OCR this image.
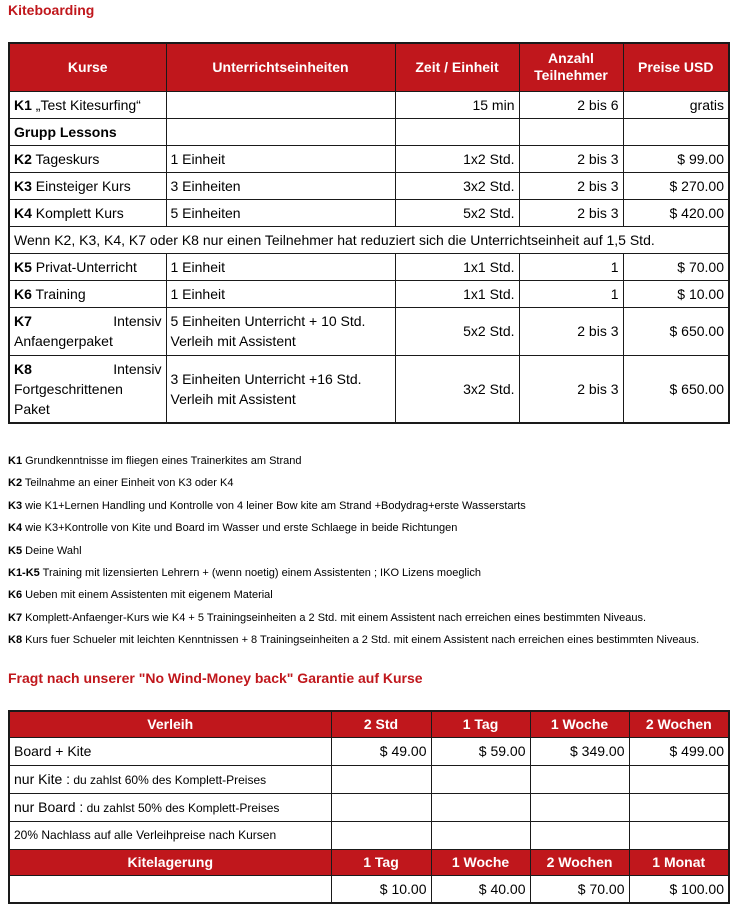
Kiteboarding
Kurse	Unterrichtseinheiten	Zeit / Einheit	Anzahl Teilnehmer	Preise USD
K1 „Test Kitesurfing“		15 min	2 bis 6	gratis
Grupp Lessons				
K2 Tageskurs	1 Einheit	1x2 Std.	2 bis 3	$ 99.00
K3 Einsteiger Kurs	3 Einheiten	3x2 Std.	2 bis 3	$ 270.00
K4 Komplett Kurs	5 Einheiten	5x2 Std.	2 bis 3	$ 420.00
Wenn K2, K3, K4, K7 oder K8 nur einen Teilnehmer hat reduziert sich die Unterrichtseinheit auf 1,5 Std.				
K5 Privat-Unterricht	1 Einheit	1x1 Std.	1	$ 70.00
K6 Training	1 Einheit	1x1 Std.	1	$ 10.00

K7 Intensiv
Anfaengerpaket	5 Einheiten Unterricht + 10 Std. Verleih mit Assistent	5x2 Std.	2 bis 3	$ 650.00

K8 Intensiv
Fortgeschrittenen
Paket	3 Einheiten Unterricht +16 Std. Verleih mit Assistent	3x2 Std.	2 bis 3	$ 650.00
K1 Grundkenntnisse im fliegen eines Trainerkites am Strand
K2 Teilnahme an einer Einheit von K3 oder K4
K3 wie K1+Lernen Handling und Kontrolle von 4 leiner Bow kite am Strand +Bodydrag+erste Wasserstarts
K4 wie K3+Kontrolle von Kite und Board im Wasser und erste Schlaege in beide Richtungen
K5 Deine Wahl
K1-K5 Training mit lizensierten Lehrern + (wenn noetig) einem Assistenten ; IKO Lizens moeglich
K6 Ueben mit einem Assistenten mit eigenem Material
K7 Komplett-Anfaenger-Kurs wie K4 + 5 Trainingseinheiten a 2 Std. mit einem Assistent nach erreichen eines bestimmten Niveaus.
K8 Kurs fuer Schueler mit leichten Kenntnissen + 8 Trainingseinheiten a 2 Std. mit einem Assistent nach erreichen eines bestimmten Niveaus.
Fragt nach unserer "No Wind-Money back" Garantie auf Kurse
Verleih	2 Std	1 Tag	1 Woche	2 Wochen
Board + Kite	$ 49.00	$ 59.00	$ 349.00	$ 499.00
nur Kite : du zahlst 60% des Komplett-Preises				
nur Board : du zahlst 50% des Komplett-Preises				
20% Nachlass auf alle Verleihpreise nach Kursen				
Kitelagerung	1 Tag	1 Woche	2 Wochen	1 Monat
	$ 10.00	$ 40.00	$ 70.00	$ 100.00
